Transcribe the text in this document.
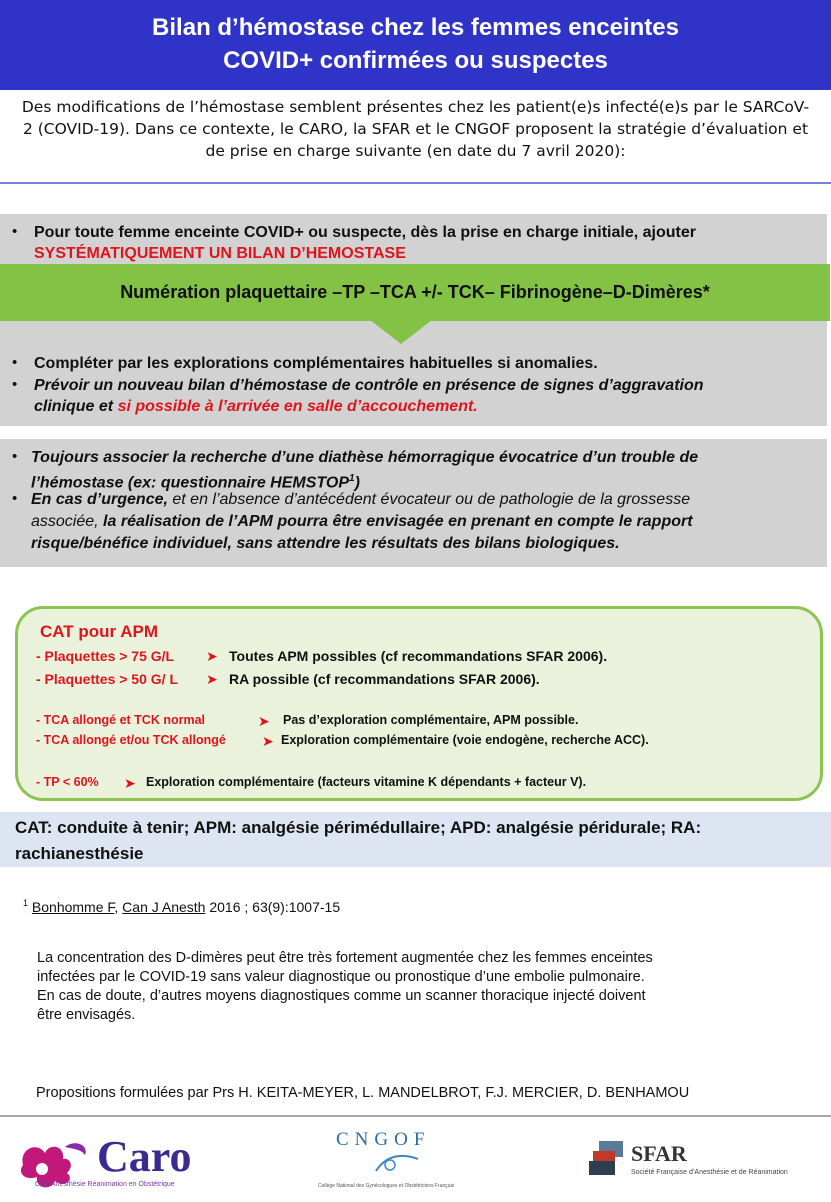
Bilan d’hémostase chez les femmes enceintes
COVID+ confirmées ou suspectes
Des modifications de l’hémostase semblent présentes chez les patient(e)s infecté(e)s par le SARCoV-
2 (COVID-19). Dans ce contexte, le CARO, la SFAR et le CNGOF proposent la stratégie d’évaluation et
de prise en charge suivante (en date du 7 avril 2020):
• Pour toute femme enceinte COVID+ ou suspecte, dès la prise en charge initiale, ajouter
SYSTÉMATIQUEMENT UN BILAN D’HEMOSTASE
• Compléter par les explorations complémentaires habituelles si anomalies.
• Prévoir un nouveau bilan d’hémostase de contrôle en présence de signes d’aggravation
clinique et si possible à l’arrivée en salle d’accouchement.
Numération plaquettaire –TP –TCA +/- TCK– Fibrinogène–D-Dimères*
• Toujours associer la recherche d’une diathèse hémorragique évocatrice d’un trouble de
l’hémostase (ex: questionnaire HEMSTOP$^1$)
• En cas d’urgence, et en l’absence d’antécédent évocateur ou de pathologie de la grossesse
associée, la réalisation de l’APM pourra être envisagée en prenant en compte le rapport
risque/bénéfice individuel, sans attendre les résultats des bilans biologiques.
CAT pour APM
- Plaquettes > 75 G/L ➤ Toutes APM possibles (cf recommandations SFAR 2006).
- Plaquettes > 50 G/ L ➤ RA possible (cf recommandations SFAR 2006).
- TCA allongé et TCK normal	➤ Pas d’exploration complémentaire, APM possible.
- TCA allongé et/ou TCK allongé	➤ Exploration complémentaire (voie endogène, recherche ACC).
- TP < 60% ➤ Exploration complémentaire (facteurs vitamine K dépendants + facteur V).
CAT: conduite à tenir; APM: analgésie périmédullaire; APD: analgésie péridurale; RA:
rachianesthésie
$^1$ Bonhomme F, Can J Anesth 2016 ; 63(9):1007-15
La concentration des D-dimères peut être très fortement augmentée chez les femmes enceintes
infectées par le COVID-19 sans valeur diagnostique ou pronostique d’une embolie pulmonaire.
En cas de doute, d’autres moyens diagnostiques comme un scanner thoracique injecté doivent
être envisagés.
Propositions formulées par Prs H. KEITA-MEYER, L. MANDELBROT, F.J. MERCIER, D. BENHAMOU
Caro
Club Anesthésie Réanimation en Obstétrique
CNGOF
Collège National des Gynécologues et Obstétriciens Français
SFAR
Société Française d’Anesthésie et de Réanimation
